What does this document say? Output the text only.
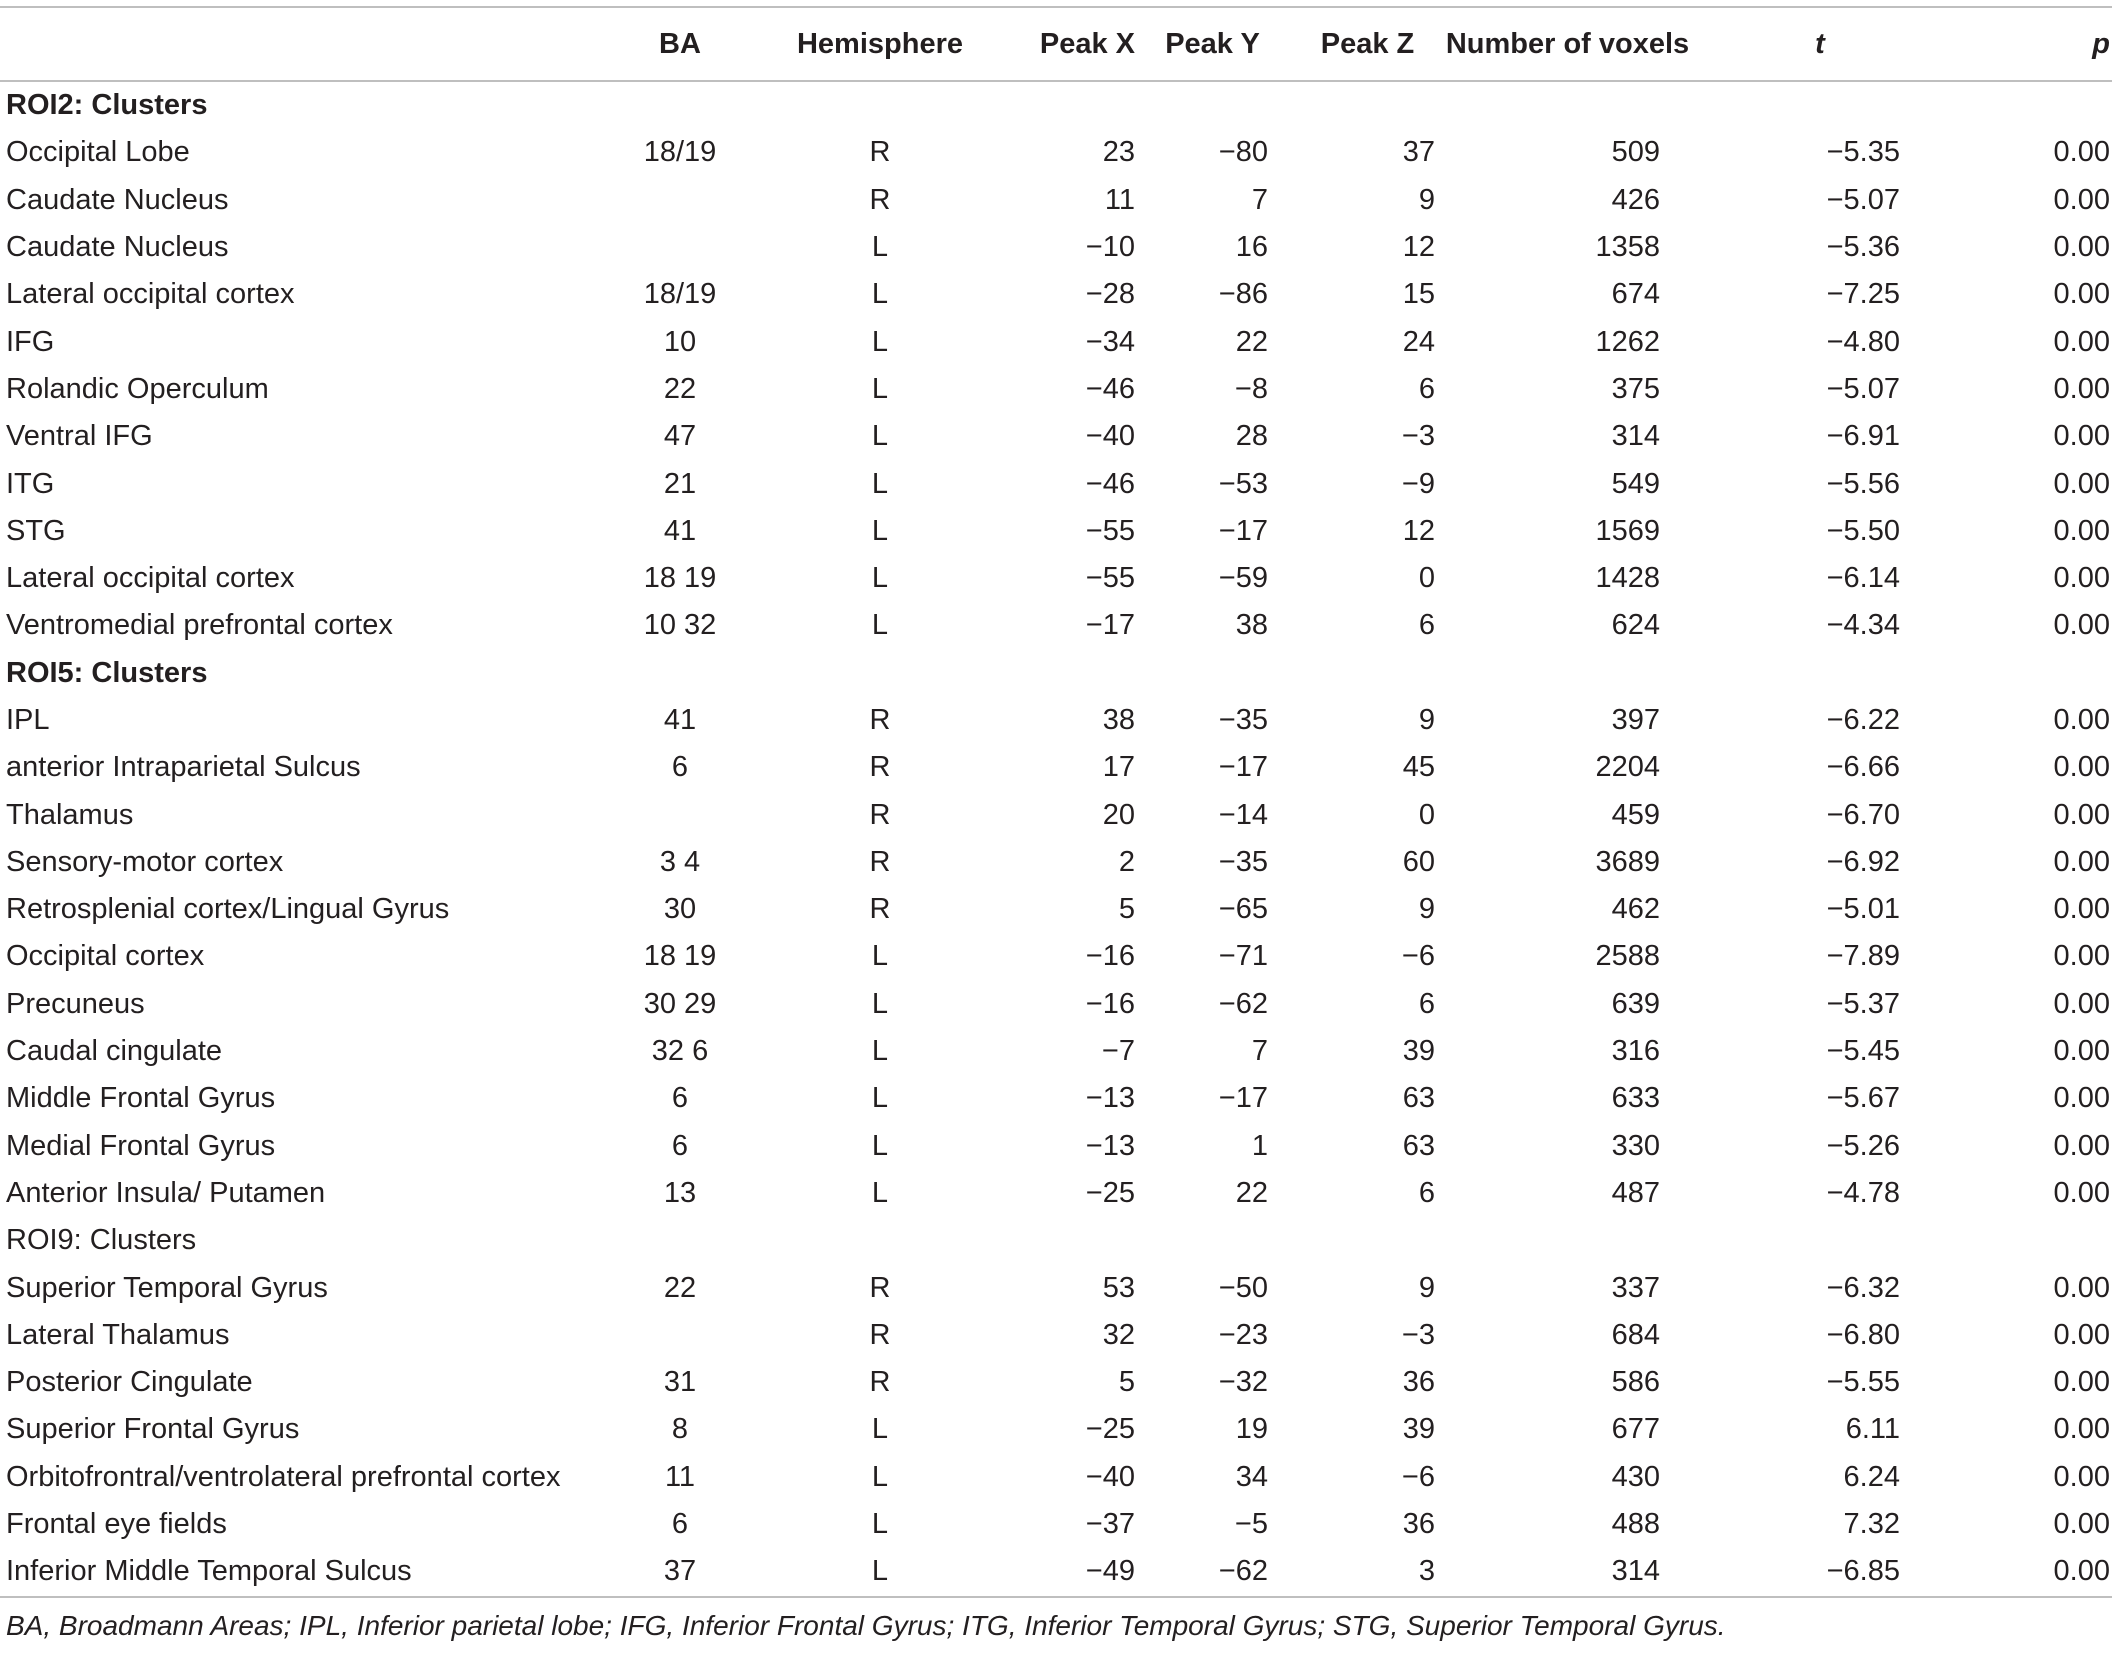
	BA	Hemisphere	Peak X	Peak Y	Peak Z	Number of voxels	t	p
ROI2: Clusters								
Occipital Lobe	18/19	R	23	−80	37	509	−5.35	0.00
Caudate Nucleus		R	11	7	9	426	−5.07	0.00
Caudate Nucleus		L	−10	16	12	1358	−5.36	0.00
Lateral occipital cortex	18/19	L	−28	−86	15	674	−7.25	0.00
IFG	10	L	−34	22	24	1262	−4.80	0.00
Rolandic Operculum	22	L	−46	−8	6	375	−5.07	0.00
Ventral IFG	47	L	−40	28	−3	314	−6.91	0.00
ITG	21	L	−46	−53	−9	549	−5.56	0.00
STG	41	L	−55	−17	12	1569	−5.50	0.00
Lateral occipital cortex	18 19	L	−55	−59	0	1428	−6.14	0.00
Ventromedial prefrontal cortex	10 32	L	−17	38	6	624	−4.34	0.00
ROI5: Clusters								
IPL	41	R	38	−35	9	397	−6.22	0.00
anterior Intraparietal Sulcus	6	R	17	−17	45	2204	−6.66	0.00
Thalamus		R	20	−14	0	459	−6.70	0.00
Sensory-motor cortex	3 4	R	2	−35	60	3689	−6.92	0.00
Retrosplenial cortex/Lingual Gyrus	30	R	5	−65	9	462	−5.01	0.00
Occipital cortex	18 19	L	−16	−71	−6	2588	−7.89	0.00
Precuneus	30 29	L	−16	−62	6	639	−5.37	0.00
Caudal cingulate	32 6	L	−7	7	39	316	−5.45	0.00
Middle Frontal Gyrus	6	L	−13	−17	63	633	−5.67	0.00
Medial Frontal Gyrus	6	L	−13	1	63	330	−5.26	0.00
Anterior Insula/ Putamen	13	L	−25	22	6	487	−4.78	0.00
ROI9: Clusters								
Superior Temporal Gyrus	22	R	53	−50	9	337	−6.32	0.00
Lateral Thalamus		R	32	−23	−3	684	−6.80	0.00
Posterior Cingulate	31	R	5	−32	36	586	−5.55	0.00
Superior Frontal Gyrus	8	L	−25	19	39	677	6.11	0.00
Orbitofrontral/ventrolateral prefrontal cortex	11	L	−40	34	−6	430	6.24	0.00
Frontal eye fields	6	L	−37	−5	36	488	7.32	0.00
Inferior Middle Temporal Sulcus	37	L	−49	−62	3	314	−6.85	0.00
BA, Broadmann Areas; IPL, Inferior parietal lobe; IFG, Inferior Frontal Gyrus; ITG, Inferior Temporal Gyrus; STG, Superior Temporal Gyrus.
